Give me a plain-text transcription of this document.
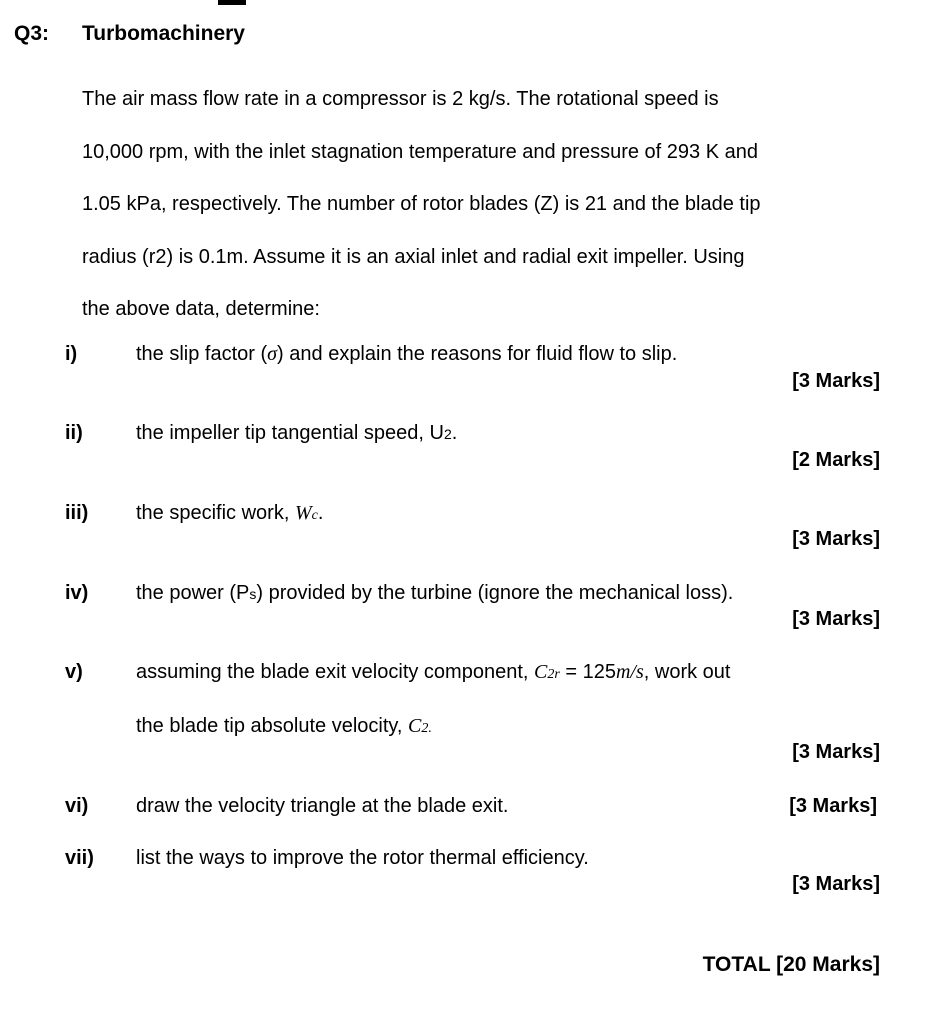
Q3: Turbomachinery
The air mass flow rate in a compressor is 2 kg/s. The rotational speed is
10,000 rpm, with the inlet stagnation temperature and pressure of 293 K and
1.05 kPa, respectively. The number of rotor blades (Z) is 21 and the blade tip
radius (r2) is 0.1m. Assume it is an axial inlet and radial exit impeller. Using
the above data, determine:
i)	the slip factor (σ) and explain the reasons for fluid flow to slip.
[3 Marks]
ii)	the impeller tip tangential speed, U2.
[2 Marks]
iii) the specific work, Wc.
[3 Marks]
iv) the power (Ps) provided by the turbine (ignore the mechanical loss).
[3 Marks]
v)	assuming the blade exit velocity component, C2r = 125m/s, work out
the blade tip absolute velocity, C2.
[3 Marks]
vi) draw the velocity triangle at the blade exit.	[3 Marks]
vii) list the ways to improve the rotor thermal efficiency.
[3 Marks]
TOTAL [20 Marks]
